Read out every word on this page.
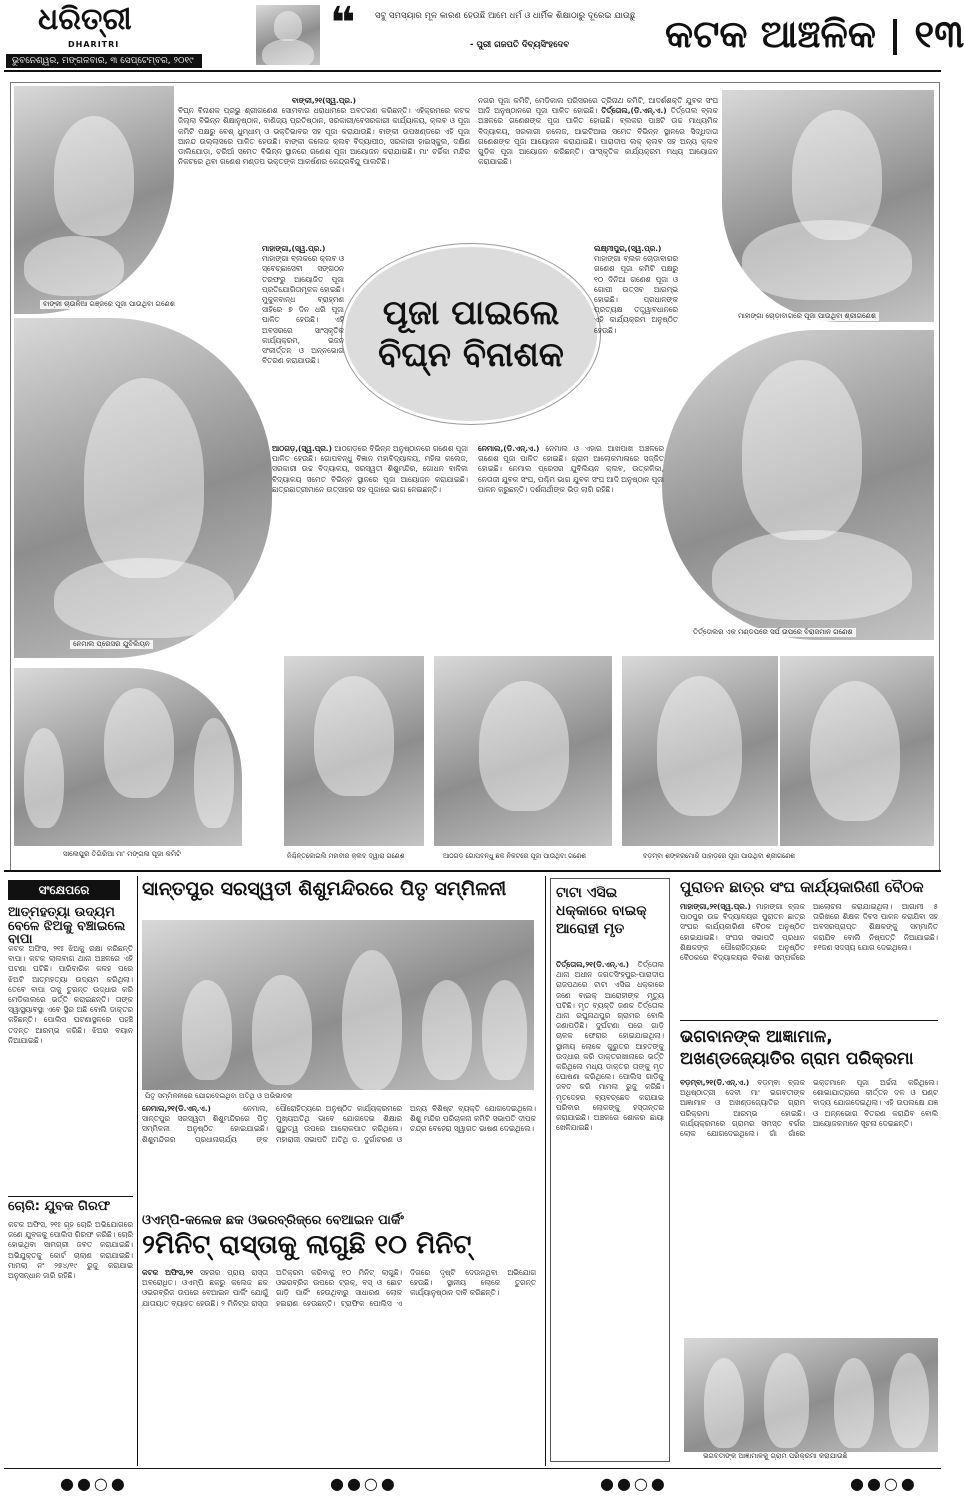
ଧରିତ୍ରୀ
DHARITRI
ଭୁବନେଶ୍ୱର, ମଙ୍ଗଳବାର, ୩ ସେପ୍ଟେମ୍ବର, ୨୦୧୯
❝ ସବୁ ସମସ୍ୟାର ମୂଳ କାରଣ ହେଉଛି ଆମେ ଧର୍ମ ଓ ଧାର୍ମିକ ଶିକ୍ଷାଠାରୁ ଦୂରେଇ ଯାଉଛୁ
- ପୁରୀ ଗଜପତି ଦିବ୍ୟସିଂହଦେବ	କଟକ ଆଞ୍ଚଳିକ ୧୩
ବାଙ୍କୀ ଚାଉଳିଆ ଗଞ୍ଜରେ ପୂଜା ପାଉଥିବା ଗଣେଶ
ନେମାଲ ପ୍ରେସର ଯୁବିଲିୟନ
ସାଲେପୁର ତିଗିରିଆ ମା' ମଙ୍ଗଳା ପୂଜା କମିଟି
ମାହାଙ୍ଗା ଚୋଡ଼ାବାଗରେ ପୂଜା ପାଉଥିବା ଶ୍ରୀଗଣେଶ
ତିର୍ତ୍ତୋଲର ଏକ ମଣ୍ଡପରେ ସର୍ପ ଉପରେ ବିରାଜମାନ ଗଣେଶ
ପୂଜା ପାଇଲେ
ବିଘ୍ନ ବିନାଶକ
ବାଙ୍କୀ,୨୧(ସ୍ୱ.ପ୍ର.)
ବିଘ୍ନ ବିନାଶକ ପ୍ରଭୁ ଶ୍ରୀଗଣେଶ ସୋମବାର ଧରାଧାମରେ ଅବତରଣ କରିଛନ୍ତି। ଏହିକ୍ରମରେ କଟକ ଜିଲ୍ଲା ବିଭିନ୍ନ ଶିକ୍ଷାନୁଷ୍ଠାନ, ବାଣିଜ୍ୟ ପ୍ରତିଷ୍ଠାନ, ସରକାରୀ/ବେସରକାରୀ କାର୍ଯ୍ୟାଳୟ, କ୍ଲବ ଓ ପୂଜା କମିଟି ପକ୍ଷରୁ ବେଶ୍ ଧୁମ୍‌ଧାମ୍ ଓ ଭକ୍ତିଭାବର ସହ ପୂଜା କରାଯାଉଛି। ବାଙ୍କୀ ଉପଖଣ୍ଡରେ ଏହି ପୂଜା ଆନନ୍ଦ ଉଲ୍ଲାସରେ ପାଳିତ ହେଉଛି। ବାଙ୍କୀ କଲେଜ କ୍ଲବ ବିଦ୍ୟାପୀଠ, ସରକାରୀ ହାଇସ୍କୁଲ, ଦକ୍ଷିଣ ଡାଲିଯୋଡ଼ା, ଚରିଆଁ ସମେତ ବିଭିନ୍ନ ସ୍ଥାନରେ ଗଣେଶ ପୂଜା ଆୟୋଜନ କରାଯାଇଛି। ମା' ଚର୍ଚ୍ଚିକା ମନ୍ଦିର ନିକଟରେ ଥିବା ଗଣେଶ ମଣ୍ଡପ ଭକ୍ତଙ୍କ ଆକର୍ଷଣର କେନ୍ଦ୍ରବିନ୍ଦୁ ପାଲଟିଛି।
ମାହାଙ୍ଗା,(ସ୍ୱ.ପ୍ର.) ମାହାଙ୍ଗା ବ୍ଲକରେ କ୍ଲବ ଓ ସ୍ବେଚ୍ଛାସେବୀ ସଙ୍ଗଠନ ତରଫରୁ ଆୟୋଜିତ ପୂଜା ପ୍ରତିଯୋଗିତାମୂଳକ ହୋଇଛି। ମୁକୁଳବାନ୍ଧ ବ୍ରାହ୍ମଣ ସାହିରେ ୭ ଦିନ ଧରି ପୂଜା ପାଳିତ ହେଉଛି। ଏହି ଅବସରରେ ସାଂସ୍କୃତିକ କାର୍ଯ୍ୟକ୍ରମ, ଭଜନ ସଂକୀର୍ତ୍ତନ ଓ ଅନ୍ନଭୋଗ ବିତରଣ କରାଯାଉଛି।
ଆଠଗଡ଼,(ସ୍ୱ.ପ୍ର.) ଆଠଗଡ଼ରେ ବିଭିନ୍ନ ଅନୁଷ୍ଠାନରେ ଗଣେଶ ପୂଜା ପାଳିତ ହେଉଛି। ଗୋପବନ୍ଧୁ ବିଜ୍ଞାନ ମହାବିଦ୍ୟାଳୟ, ମହିଳା କଲେଜ, ସରକାରୀ ଉଚ୍ଚ ବିଦ୍ୟାଳୟ, ସରସ୍ୱତୀ ଶିଶୁମନ୍ଦିର, ଗୋଧନ ବାଳିକା ବିଦ୍ୟାଳୟ ସମେତ ବିଭିନ୍ନ ସ୍ଥାନରେ ପୂଜା ଆୟୋଜନ କରାଯାଇଛି। ଛାତ୍ରଛାତ୍ରୀମାନେ ଉତ୍ସାହର ସହ ପୂଜାରେ ଭାଗ ନେଇଛନ୍ତି।
ନଗର ପୂଜା କମିଟି, ମେଡିକାଲ ପରିସରରେ ତ୍ରିନାଥ କମିଟି, ଆଦର୍ଶଶକ୍ତି ଯୁବକ ସଂଘ ଆଦି ଅନୁଷ୍ଠାନରେ ପୂଜା ପାଳିତ ହୋଇଛି। ତିର୍ତ୍ତୋଲ,(ଡି.ଏନ୍.ଏ.) ତିର୍ତ୍ତୋଲ ବ୍ଲକ ଅଞ୍ଚଳରେ ଗଣେଶଙ୍କ ପୂଜା ପାଳିତ ହୋଇଛି। ବ୍ଲକର ପାଞ୍ଚଟି ଉଚ୍ଚ ମାଧ୍ୟମିକ ବିଦ୍ୟାଳୟ, ସରକାରୀ କଲେଜ, ଆଇଟିଆଇ ସମେତ ବିଭିନ୍ନ ସ୍ଥାନରେ ସିଦ୍ଧିଦାତା ଗଣେଶଙ୍କ ପୂଜା ଆୟୋଜନ କରାଯାଇଛି। ପାରାଦୀପ ଲକ୍ କ୍ଲବ ସହ ଅନ୍ୟ କ୍ଲବ ଗୁଡ଼ିକ ପୂଜା ଆୟୋଜନ କରିଛନ୍ତି। ସାଂସ୍କୃତିକ କାର୍ଯ୍ୟକ୍ରମ ମଧ୍ୟ ଆୟୋଜନ କରାଯାଇଛି।
ଲକ୍ଷ୍ମୀପୁର,(ସ୍ୱ.ପ୍ର.) ମାହାଙ୍ଗା ବ୍ଲକ ଚୋଡ଼ାବାଗର ଗଣେଶ ପୂଜା କମିଟି ପକ୍ଷରୁ ୧୦ ଦିନିଆ ଗଣେଶ ପୂଜା ଓ ଗୋପୀ ଉତ୍ସବ ଆରମ୍ଭ ହୋଇଛି। ପ୍ରଧାନଙ୍କ ପ୍ରତ୍ୟକ୍ଷ ତତ୍ତ୍ୱାବଧାନରେ ଏହି କାର୍ଯ୍ୟକ୍ରମ ଅନୁଷ୍ଠିତ ହେଉଛି।
ନେମାଲ,(ଡି.ଏନ୍.ଏ.) ନେମାଲ ଓ ଏହାର ଆଖପାଖ ଅଞ୍ଚଳରେ ଗଣେଶ ପୂଜା ପାଳିତ ହୋଇଛି। ଗ୍ରାମ ଆଲୋକମାଳାରେ ସଜ୍ଜିତ ହୋଇଛି। ନେମାଲ ପ୍ରେସର ଯୁବିଲିୟନ କ୍ଲବ, ଉତ୍କଳିକା, ନେତାଜୀ ଯୁବକ ସଂଘ, ପଶ୍ଚିମ ଭାଗ ଯୁବକ ସଂଘ ଆଦି ଅନୁଷ୍ଠାନ ପୂଜା ପାଳନ କରୁଛନ୍ତି। ଦର୍ଶନାର୍ଥୀଙ୍କ ଭିଡ଼ ଲାଗି ରହିଛି।
ନିଶ୍ଚିନ୍ତକୋଇଲି ମହାବୀର କ୍ଲବ ଦ୍ୱାରା ଗଣେଶ	ଆଠଗଡ଼ ଗୋପବନ୍ଧୁ ଛକ ନିକଟରେ ପୂଜା ପାଉଥିବା ଗଣେଶ	ବଡ଼ମ୍ବା ଶଙ୍କରମୋରି ପାହାଡ଼ରେ ପୂଜା ପାଉଥିବା ଶ୍ରୀଗଣେଶ
ସଂକ୍ଷେପରେ
ଆତ୍ମହତ୍ୟା ଉଦ୍ୟମ ବେଳେ ଝିଅକୁ ବଞ୍ଚାଇଲେ ବାପା
କଟକ ଅଫିସ, ୨୧ଃ ଝିଅକୁ ରକ୍ଷା କରିଛନ୍ତି ବାପା। କଟକ ଲାଲବାଗ ଥାନା ଅଞ୍ଚଳରେ ଏହି ଘଟଣା ଘଟିଛି। ପାରିବାରିକ କଳହ ପରେ ଝିଅଟି ଆତ୍ମହତ୍ୟା ଉଦ୍ୟମ କରିଥିଲା। ତେବେ ବାପା ତାକୁ ତୁରନ୍ତ ଉଦ୍ଧାର କରି ମେଡିକାଲରେ ଭର୍ତ୍ତି କରାଇଛନ୍ତି। ତାଙ୍କ ସ୍ୱାସ୍ଥ୍ୟାବସ୍ଥା ଏବେ ସ୍ଥିର ଅଛି ବୋଲି ଡାକ୍ତର କହିଛନ୍ତି। ପୋଲିସ ଘଟଣାସ୍ଥଳରେ ପହଞ୍ଚି ତଦନ୍ତ ଆରମ୍ଭ କରିଛି। ଝିଅର ବୟାନ ନିଆଯାଇଛି।
ଚୋରି: ଯୁବକ ଗିରଫ
କଟକ ଅଫିସ, ୨୧ଃ ଗୃହ ଚୋରି ଅଭିଯୋଗରେ ଜଣେ ଯୁବକକୁ ପୋଲିସ ଗିରଫ କରିଛି। ଚୋରି ହୋଇଥିବା ସାମଗ୍ରୀ ଜବତ କରାଯାଇଛି। ଅଭିଯୁକ୍ତକୁ କୋର୍ଟ ଚାଲାଣ କରାଯାଇଛି। ମାମଲା ନଂ ୨୭୪/୧୯ ରୁଜୁ କରାଯାଇ ଅନୁସନ୍ଧାନ ଜାରି ରହିଛି।
ସାନ୍ତପୁର ସରସ୍ୱତୀ ଶିଶୁମନ୍ଦିରରେ ପିତୃ ସମ୍ମିଳନୀ
ପିତୃ ସମ୍ମିଳନୀରେ ଯୋଗଦେଇଥିବା ଅତିଥି ଓ ଅଭିଭାବକ
ନେମାଲ,୨୧(ଡି.ଏନ୍.ଏ.)	ନେମାଲ, ସାନ୍ତପୁର ସରସ୍ୱତୀ ଶିଶୁମନ୍ଦିରରେ ପିତୃ ସମ୍ମିଳନୀ ଅନୁଷ୍ଠିତ ହୋଇଯାଇଛି। ଶିଶୁମନ୍ଦିରର ପ୍ରଧାନାଚାର୍ଯ୍ୟ ଙ୍କ ପୌରୋହିତ୍ୟରେ ଅନୁଷ୍ଠିତ କାର୍ଯ୍ୟକ୍ରମରେ ମୁଖ୍ୟଅତିଥି ଭାବେ ଯୋଗଦେଇ ଶିକ୍ଷାର ଗୁରୁତ୍ୱ ଉପରେ ଆଲୋକପାତ କରିଥିଲେ। ମହାରାଜୀ ସଭାପତି ଅତିଥି ଡ. ଦୁର୍ଗାଚରଣ ଓ ଅନ୍ୟ ବିଶିଷ୍ଟ ବ୍ୟକ୍ତି ଯୋଗଦେଇଥିଲେ। ଶିଶୁ ମନ୍ଦିର ପରିଚାଳନା କମିଟି ସଭାପତି ଦୀପକ ଚନ୍ଦ୍ର ବେହେରା ସ୍ୱାଗତ ଭାଷଣ ଦେଇଥିଲେ।
ଓଏମ୍‌ପି-କଲେଜ ଛକ ଓଭରବ୍ରିଜ୍‌ରେ ବେଆଇନ ପାର୍କିଂ
୨ମିନିଟ୍ ରାସ୍ତାକୁ ଲାଗୁଛି ୧୦ ମିନିଟ୍
କଟକ ଅଫିସ,୨୧ ସହରର ପ୍ରାୟ ରାସ୍ତା ଅବରୋଧିତ। ଓଏମ୍‌ପି ଛକରୁ କଲେଜ ଛକ ଓଭରବ୍ରିଜ ଉପରେ ବେଆଇନ ପାର୍କିଂ ଯୋଗୁଁ ଯାତାୟାତ ବ୍ୟାହତ ହେଉଛି। ୨ ମିନିଟ୍‌ର ରାସ୍ତା ଅତିକ୍ରମ କରିବାକୁ ୧୦ ମିନିଟ୍ ଲାଗୁଛି। ଓଭରବ୍ରିଜ ଉପରେ ଟ୍ରକ୍, ବସ୍ ଓ ଛୋଟ ଗାଡ଼ି ପାର୍କିଂ ହେଉଥିବାରୁ ସାଧାରଣ ଲୋକ ହଇରାଣ ହେଉଛନ୍ତି। ଟ୍ରାଫିକ ପୋଲିସ ଏ ଦିଗରେ ଦୃଷ୍ଟି ଦେଉନଥିବା ଅଭିଯୋଗ ହେଉଛି। ସ୍ଥାନୀୟ ଲୋକେ ତୁରନ୍ତ କାର୍ଯ୍ୟାନୁଷ୍ଠାନ ଦାବି କରିଛନ୍ତି।
ଟାଟା ଏସିଇ ଧକ୍କାରେ ବାଇକ୍ ଆରୋହୀ ମୃତ
ତିର୍ତ୍ତୋଲ,୨୧(ଡି.ଏନ୍.ଏ.) ତିର୍ତ୍ତୋଲ ଥାନା ଅଧୀନ ଜଗତସିଂହପୁର-ପାରାଦୀପ ରାଜପଥରେ ଟାଟା ଏସିଇ ଧକ୍କାରେ ଜଣେ ବାଇକ୍ ଆରୋହୀଙ୍କ ମୃତ୍ୟୁ ଘଟିଛି। ମୃତ ବ୍ୟକ୍ତି ଜଣକ ତିର୍ତ୍ତୋଲ ଥାନା ରଘୁନାଥପୁର ଗ୍ରାମର ବୋଲି ଜଣାପଡ଼ିଛି। ଦୁର୍ଘଟଣା ପରେ ଗାଡ଼ି ଚାଳକ ଫେରାର ହୋଇଯାଇଥିଲା। ସ୍ଥାନୀୟ ଲୋକେ ଗୁରୁତର ଆହତଙ୍କୁ ଉଦ୍ଧାର କରି ଡାକ୍ତରଖାନାରେ ଭର୍ତ୍ତି କରିଥିଲେ ମଧ୍ୟ ଡାକ୍ତର ତାଙ୍କୁ ମୃତ ଘୋଷଣା କରିଥିଲେ। ପୋଲିସ ଗାଡ଼ିକୁ ଜବତ କରି ମାମଲା ରୁଜୁ କରିଛି। ମୃତଦେହର ବ୍ୟବଚ୍ଛେଦ କରାଯାଇ ପରିବାର ଲୋକଙ୍କୁ ହସ୍ତାନ୍ତର କରାଯାଇଛି। ଅଞ୍ଚଳରେ ଶୋକର ଛାୟା ଖେଳିଯାଇଛି।
ପୁରାତନ ଛାତ୍ର ସଂଘ କାର୍ଯ୍ୟକାରିଣୀ ବୈଠକ
ମାହାଙ୍ଗା,୨୧(ସ୍ୱ.ପ୍ର.) ମାହାଙ୍ଗା ବ୍ଲକ ପାଠପୁର ଉଚ୍ଚ ବିଦ୍ୟାଳୟର ପୁରାତନ ଛାତ୍ର ସଂଘର କାର୍ଯ୍ୟକାରିଣୀ ବୈଠକ ଅନୁଷ୍ଠିତ ହୋଇଯାଇଛି। ସଂଘର ସଭାପତି ପ୍ରଧାନ ଶିକ୍ଷକଙ୍କ ପୌରୋହିତ୍ୟରେ ଅନୁଷ୍ଠିତ ବୈଠକରେ ବିଦ୍ୟାଳୟର ବିକାଶ ସମ୍ପର୍କରେ ଆଲୋଚନା କରାଯାଇଥିଲା। ଆଗାମୀ ୫ ତାରିଖରେ ଶିକ୍ଷକ ଦିବସ ପାଳନ କରାଯିବା ସହ ଅବସରପ୍ରାପ୍ତ ଶିକ୍ଷକଙ୍କୁ ସମ୍ମାନିତ କରାଯିବ ବୋଲି ନିଷ୍ପତ୍ତି ନିଆଯାଇଛି। ୫୧ଜଣ ସଦସ୍ୟ ଯୋଗ ଦେଇଥିଲେ।
ଭଗବାନଙ୍କ ଆଜ୍ଞାମାଳ, ଅଖଣ୍ଡଜ୍ୟୋତିର ଗ୍ରାମ ପରିକ୍ରମା
ବଡ଼ମ୍ବା,୨୧(ଡି.ଏନ୍.ଏ.) ବଡ଼ମ୍ବା ବ୍ଲକ ଅଧିଷ୍ଠାତ୍ରୀ ଦେବୀ ମା' ଭଗବତୀଙ୍କ ଆଜ୍ଞାମାଳ ଓ ଅଖଣ୍ଡଜ୍ୟୋତିର ଗ୍ରାମ ପରିକ୍ରମା ଆରମ୍ଭ ହୋଇଛି। କାର୍ଯ୍ୟକ୍ରମରେ ଗ୍ରାମର ସମସ୍ତ ବର୍ଗର ଲୋକ ଯୋଗଦେଇଥିଲେ। ଗାଁ ଗାଁରେ ଭକ୍ତମାନେ ପୂଜା ଅର୍ଚ୍ଚନା କରିଥିଲେ। ଶୋଭାଯାତ୍ରାରେ କୀର୍ତ୍ତନ ଦଳ ଓ ଘଣ୍ଟ ବାଦ୍ୟ ଯୋଗଦେଇଥିଲା। ଏହି ଉପଲକ୍ଷେ ଯଜ୍ଞ ଓ ଅନ୍ନଭୋଗ ବିତରଣ କରାଯିବ ବୋଲି ଆୟୋଜକମାନେ ସୂଚନା ଦେଇଛନ୍ତି।
ଭଗବତୀଙ୍କ ଆଜ୍ଞାମାଳକୁ ଗ୍ରାମ ପରିକ୍ରମା କରାଯାଉଛି
●●○●	●●○●	●●○●	●●○●
